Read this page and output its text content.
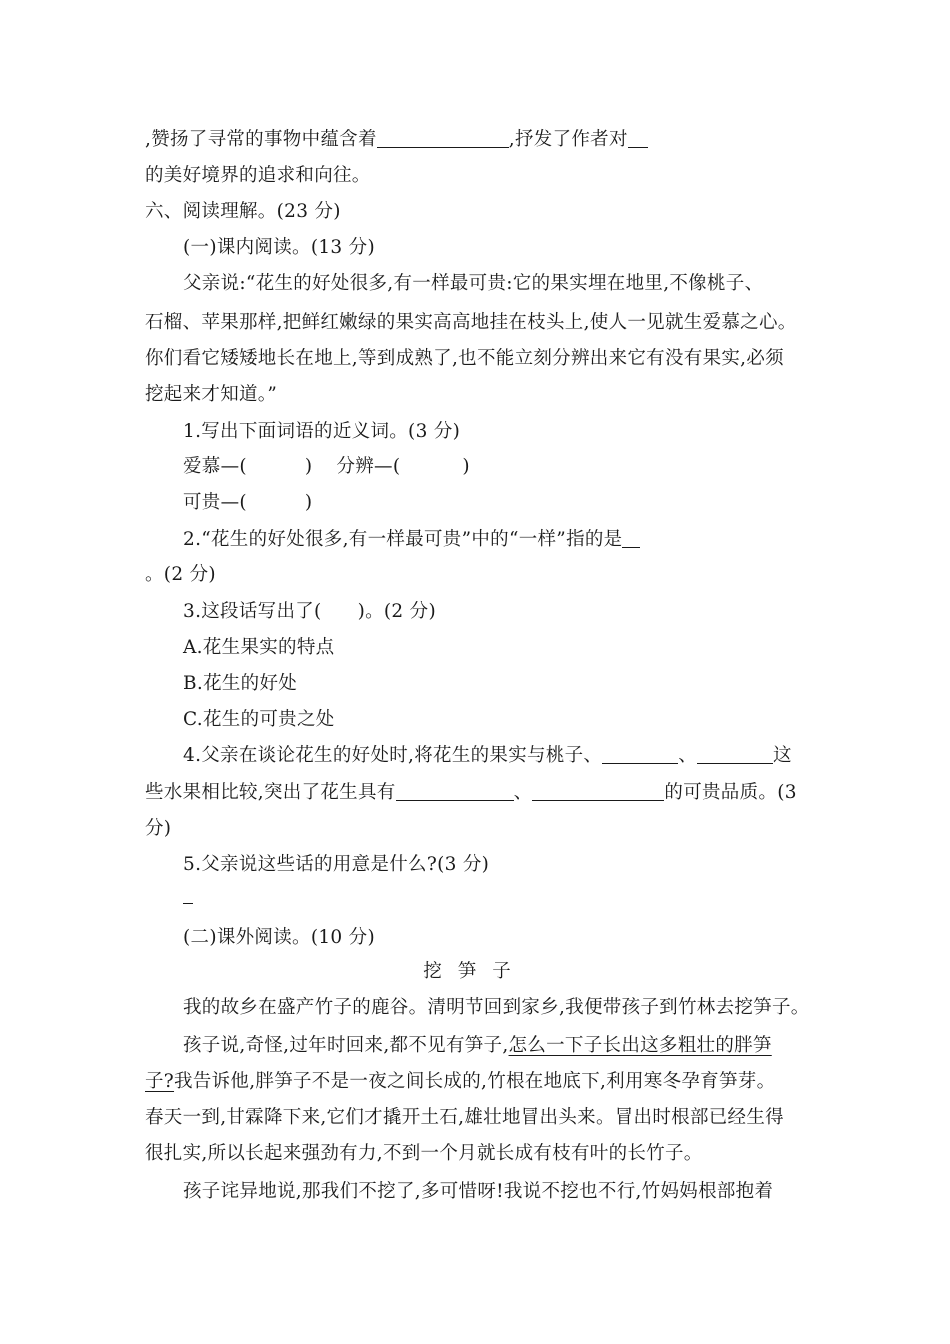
,赞扬了寻常的事物中蕴含着	,抒发了作者对
的美好境界的追求和向往。
六、阅读理解。(23 分)
(一)课内阅读。(13 分)
父亲说:“花生的好处很多,有一样最可贵:它的果实埋在地里,不像桃子、
石榴、苹果那样,把鲜红嫩绿的果实高高地挂在枝头上,使人一见就生爱慕之心。
你们看它矮矮地长在地上,等到成熟了,也不能立刻分辨出来它有没有果实,必须
挖起来才知道。”
1.写出下面词语的近义词。(3 分)
爱慕—(	) 分辨—(	)
可贵—(	)
2.“花生的好处很多,有一样最可贵”中的“一样”指的是
。(2 分)
3.这段话写出了( )。(2 分)
A.花生果实的特点
B.花生的好处
C.花生的可贵之处
4.父亲在谈论花生的好处时,将花生的果实与桃子、	、	这
些水果相比较,突出了花生具有	、	的可贵品质。(3
分)
5.父亲说这些话的用意是什么?(3 分)
(二)课外阅读。(10 分)
挖笋子
我的故乡在盛产竹子的鹿谷。清明节回到家乡,我便带孩子到竹林去挖笋子。
孩子说,奇怪,过年时回来,都不见有笋子,怎么一下子长出这多粗壮的胖笋
子?我告诉他,胖笋子不是一夜之间长成的,竹根在地底下,利用寒冬孕育笋芽。
春天一到,甘霖降下来,它们才撬开土石,雄壮地冒出头来。冒出时根部已经生得
很扎实,所以长起来强劲有力,不到一个月就长成有枝有叶的长竹子。
孩子诧异地说,那我们不挖了,多可惜呀!我说不挖也不行,竹妈妈根部抱着
